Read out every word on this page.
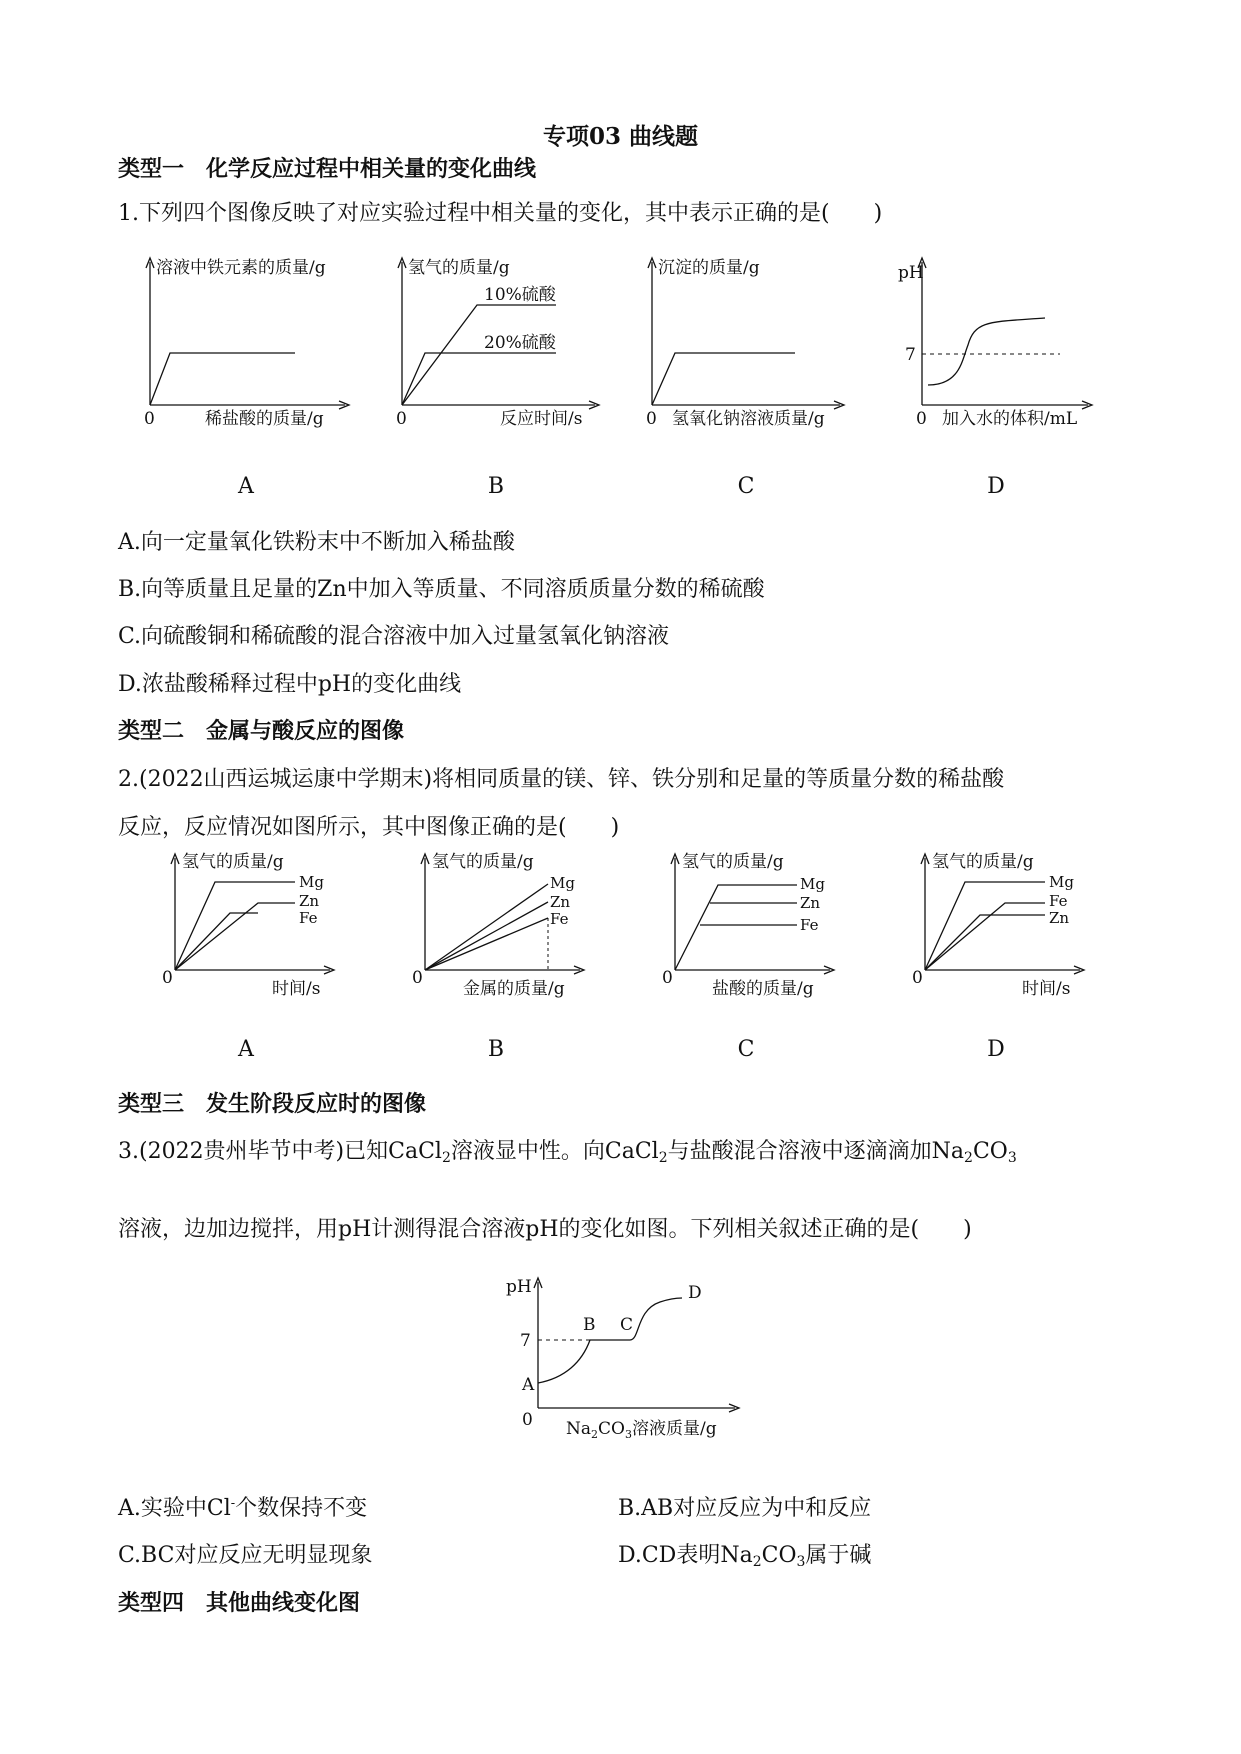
专项03 曲线题
类型一　化学反应过程中相关量的变化曲线
1.下列四个图像反映了对应实验过程中相关量的变化，其中表示正确的是(　　)
溶液中铁元素的质量/g
0	稀盐酸的质量/g
氢气的质量/g
10%硫酸
20%硫酸
0	反应时间/s
沉淀的质量/g
0 氢氧化钠溶液质量/g
pH
7
0 加入水的体积/mL
氢气的质量/g
Mg
Zn
Fe
0
时间/s
氢气的质量/g
Mg
Zn
Fe
0
金属的质量/g
氢气的质量/g
Mg
Zn
Fe
0
盐酸的质量/g
氢气的质量/g
Mg
Fe
Zn
0
时间/s
pH
7
A
B C
D
0 $Na_2CO_3$溶液质量/g
A	B	C	D
A.向一定量氧化铁粉末中不断加入稀盐酸
B.向等质量且足量的Zn中加入等质量、不同溶质质量分数的稀硫酸
C.向硫酸铜和稀硫酸的混合溶液中加入过量氢氧化钠溶液
D.浓盐酸稀释过程中pH的变化曲线
类型二　金属与酸反应的图像
2.(2022山西运城运康中学期末)将相同质量的镁、锌、铁分别和足量的等质量分数的稀盐酸
反应，反应情况如图所示，其中图像正确的是(　　)
A	B	C	D
类型三　发生阶段反应时的图像
3.(2022贵州毕节中考)已知CaCl$_2$溶液显中性。向CaCl$_2$与盐酸混合溶液中逐滴滴加$Na_2CO_3$
溶液，边加边搅拌，用pH计测得混合溶液pH的变化如图。下列相关叙述正确的是(　　)
A.实验中Cl-个数保持不变	B.AB对应反应为中和反应
C.BC对应反应无明显现象	D.CD表明$Na_2CO_3$属于碱
类型四　其他曲线变化图
